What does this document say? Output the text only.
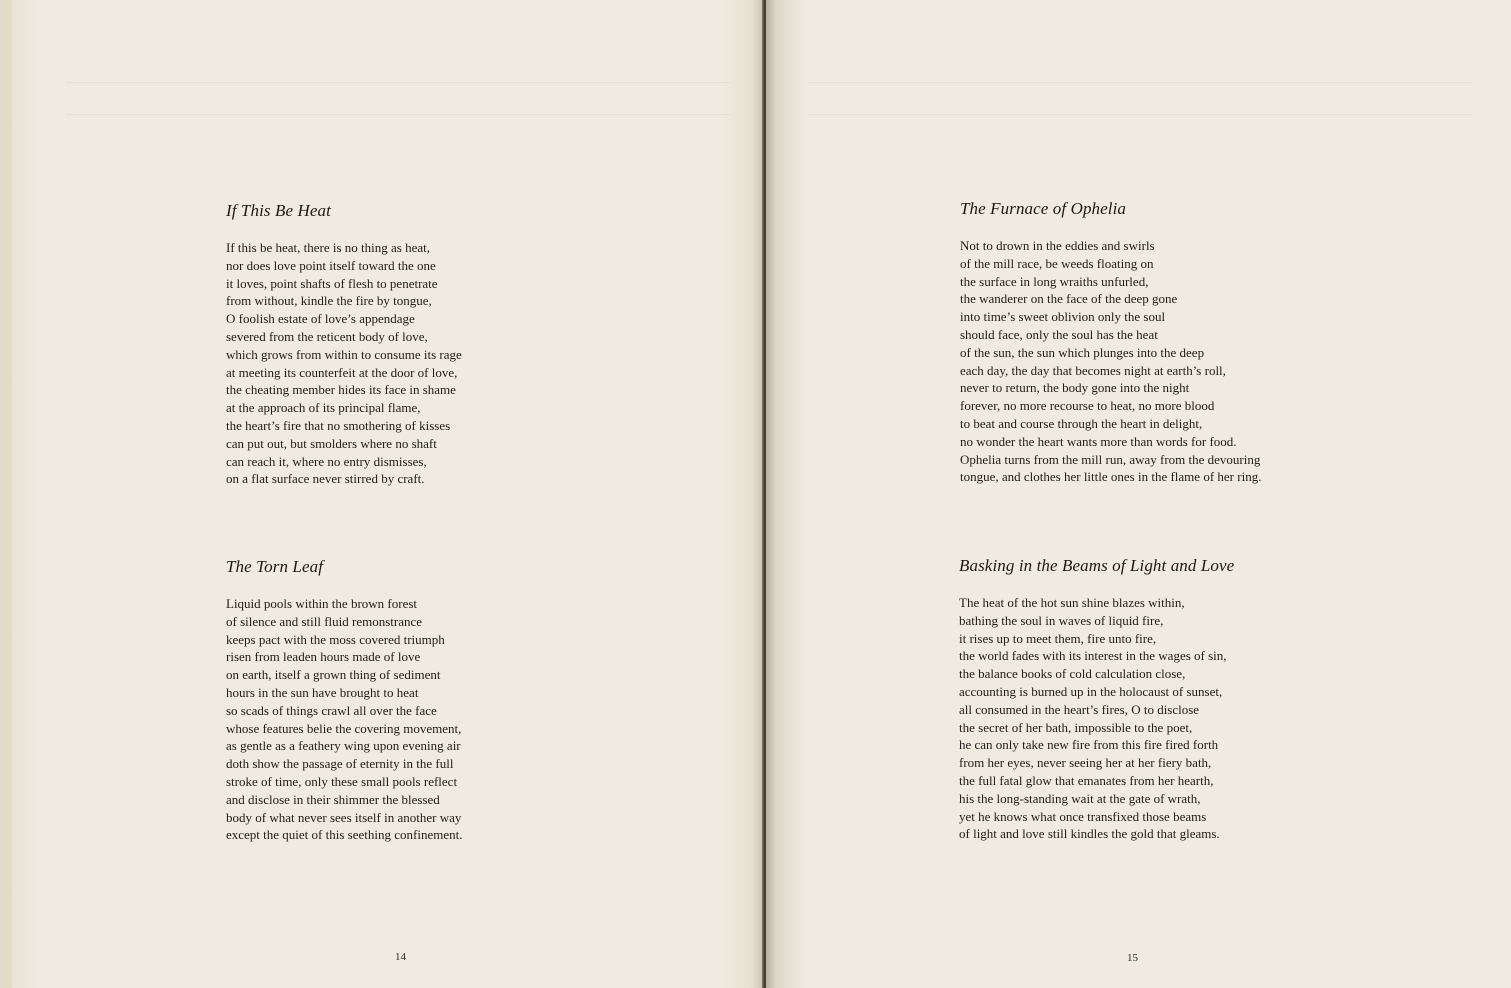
If This Be Heat
If this be heat, there is no thing as heat,
nor does love point itself toward the one
it loves, point shafts of flesh to penetrate
from without, kindle the fire by tongue,
O foolish estate of love’s appendage
severed from the reticent body of love,
which grows from within to consume its rage
at meeting its counterfeit at the door of love,
the cheating member hides its face in shame
at the approach of its principal flame,
the heart’s fire that no smothering of kisses
can put out, but smolders where no shaft
can reach it, where no entry dismisses,
on a flat surface never stirred by craft.
The Torn Leaf
Liquid pools within the brown forest
of silence and still fluid remonstrance
keeps pact with the moss covered triumph
risen from leaden hours made of love
on earth, itself a grown thing of sediment
hours in the sun have brought to heat
so scads of things crawl all over the face
whose features belie the covering movement,
as gentle as a feathery wing upon evening air
doth show the passage of eternity in the full
stroke of time, only these small pools reflect
and disclose in their shimmer the blessed
body of what never sees itself in another way
except the quiet of this seething confinement.
14
The Furnace of Ophelia
Not to drown in the eddies and swirls
of the mill race, be weeds floating on
the surface in long wraiths unfurled,
the wanderer on the face of the deep gone
into time’s sweet oblivion only the soul
should face, only the soul has the heat
of the sun, the sun which plunges into the deep
each day, the day that becomes night at earth’s roll,
never to return, the body gone into the night
forever, no more recourse to heat, no more blood
to beat and course through the heart in delight,
no wonder the heart wants more than words for food.
Ophelia turns from the mill run, away from the devouring
tongue, and clothes her little ones in the flame of her ring.
Basking in the Beams of Light and Love
The heat of the hot sun shine blazes within,
bathing the soul in waves of liquid fire,
it rises up to meet them, fire unto fire,
the world fades with its interest in the wages of sin,
the balance books of cold calculation close,
accounting is burned up in the holocaust of sunset,
all consumed in the heart’s fires, O to disclose
the secret of her bath, impossible to the poet,
he can only take new fire from this fire fired forth
from her eyes, never seeing her at her fiery bath,
the full fatal glow that emanates from her hearth,
his the long-standing wait at the gate of wrath,
yet he knows what once transfixed those beams
of light and love still kindles the gold that gleams.
15
